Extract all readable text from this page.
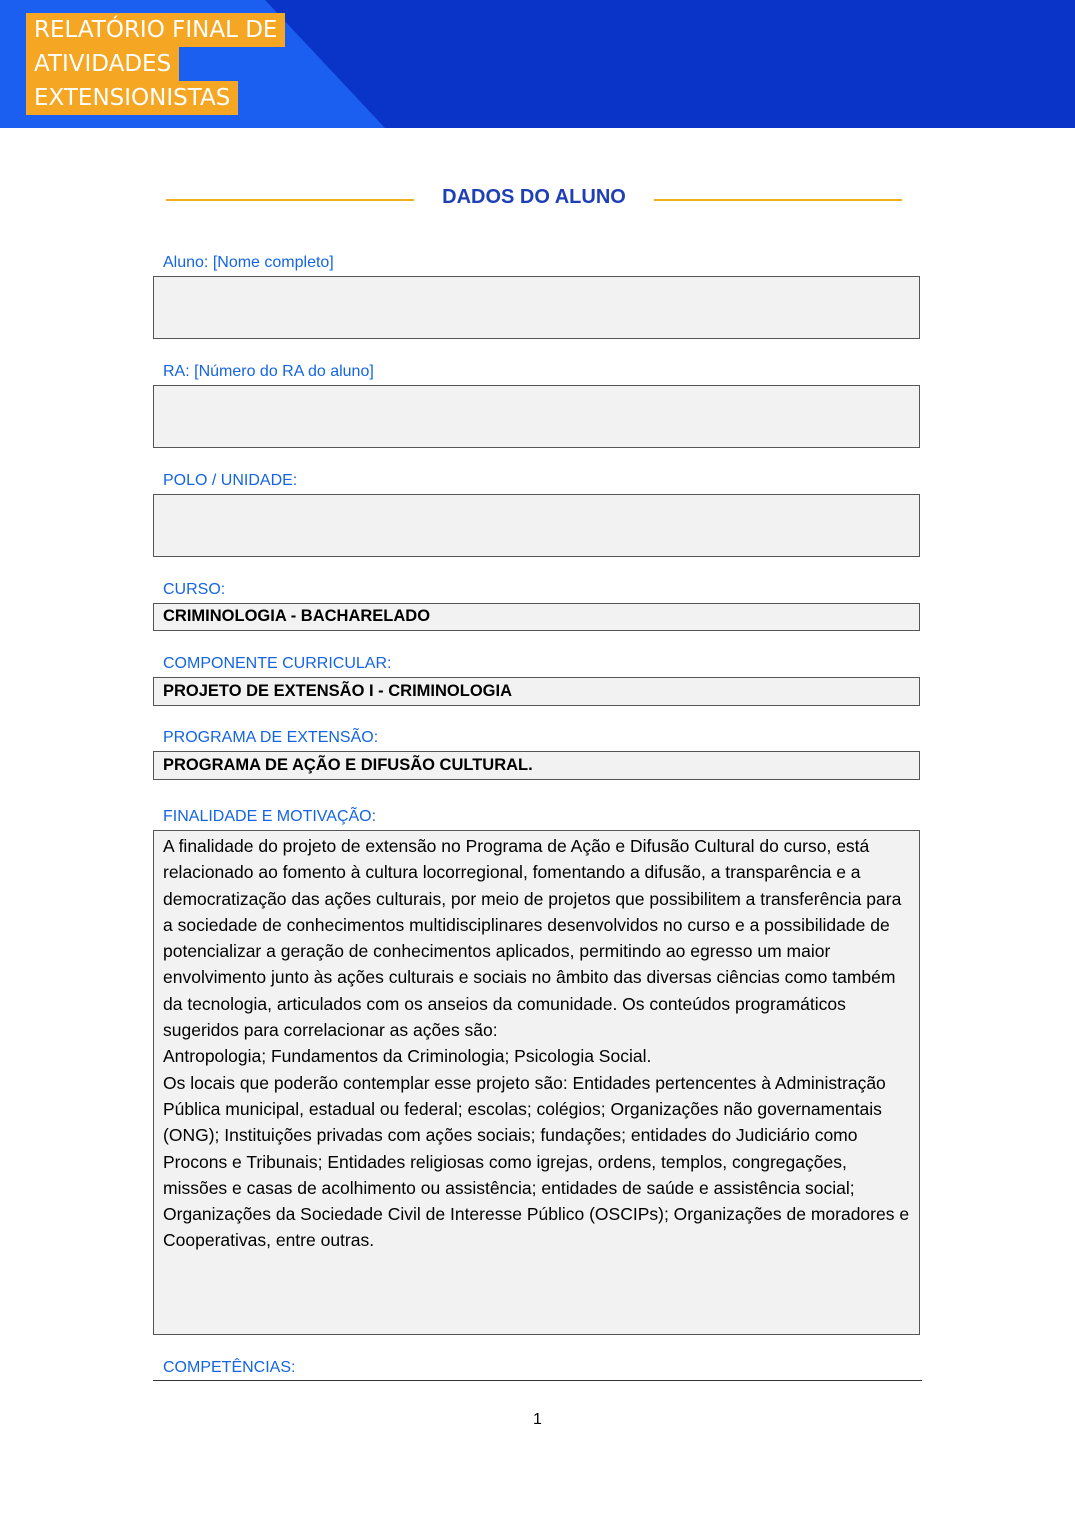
RELATÓRIO FINAL DE
ATIVIDADES
EXTENSIONISTAS
DADOS DO ALUNO
Aluno: [Nome completo]
RA: [Número do RA do aluno]
POLO / UNIDADE:
CURSO:
CRIMINOLOGIA - BACHARELADO
COMPONENTE CURRICULAR:
PROJETO DE EXTENSÃO I - CRIMINOLOGIA
PROGRAMA DE EXTENSÃO:
PROGRAMA DE AÇÃO E DIFUSÃO CULTURAL.
FINALIDADE E MOTIVAÇÃO:

A finalidade do projeto de extensão no Programa de Ação e Difusão Cultural do curso, está relacionado ao fomento à cultura locorregional, fomentando a difusão, a transparência e a democratização das ações culturais, por meio de projetos que possibilitem a transferência para a sociedade de conhecimentos multidisciplinares desenvolvidos no curso e a possibilidade de potencializar a geração de conhecimentos aplicados, permitindo ao egresso um maior envolvimento junto às ações culturais e sociais no âmbito das diversas ciências como também da tecnologia, articulados com os anseios da comunidade. Os conteúdos programáticos sugeridos para correlacionar as ações são:

Antropologia; Fundamentos da Criminologia; Psicologia Social.

Os locais que poderão contemplar esse projeto são: Entidades pertencentes à Administração Pública municipal, estadual ou federal; escolas; colégios; Organizações não governamentais (ONG); Instituições privadas com ações sociais; fundações; entidades do Judiciário como Procons e Tribunais; Entidades religiosas como igrejas, ordens, templos, congregações, missões e casas de acolhimento ou assistência; entidades de saúde e assistência social; Organizações da Sociedade Civil de Interesse Público (OSCIPs); Organizações de moradores e Cooperativas, entre outras.

COMPETÊNCIAS:
1
